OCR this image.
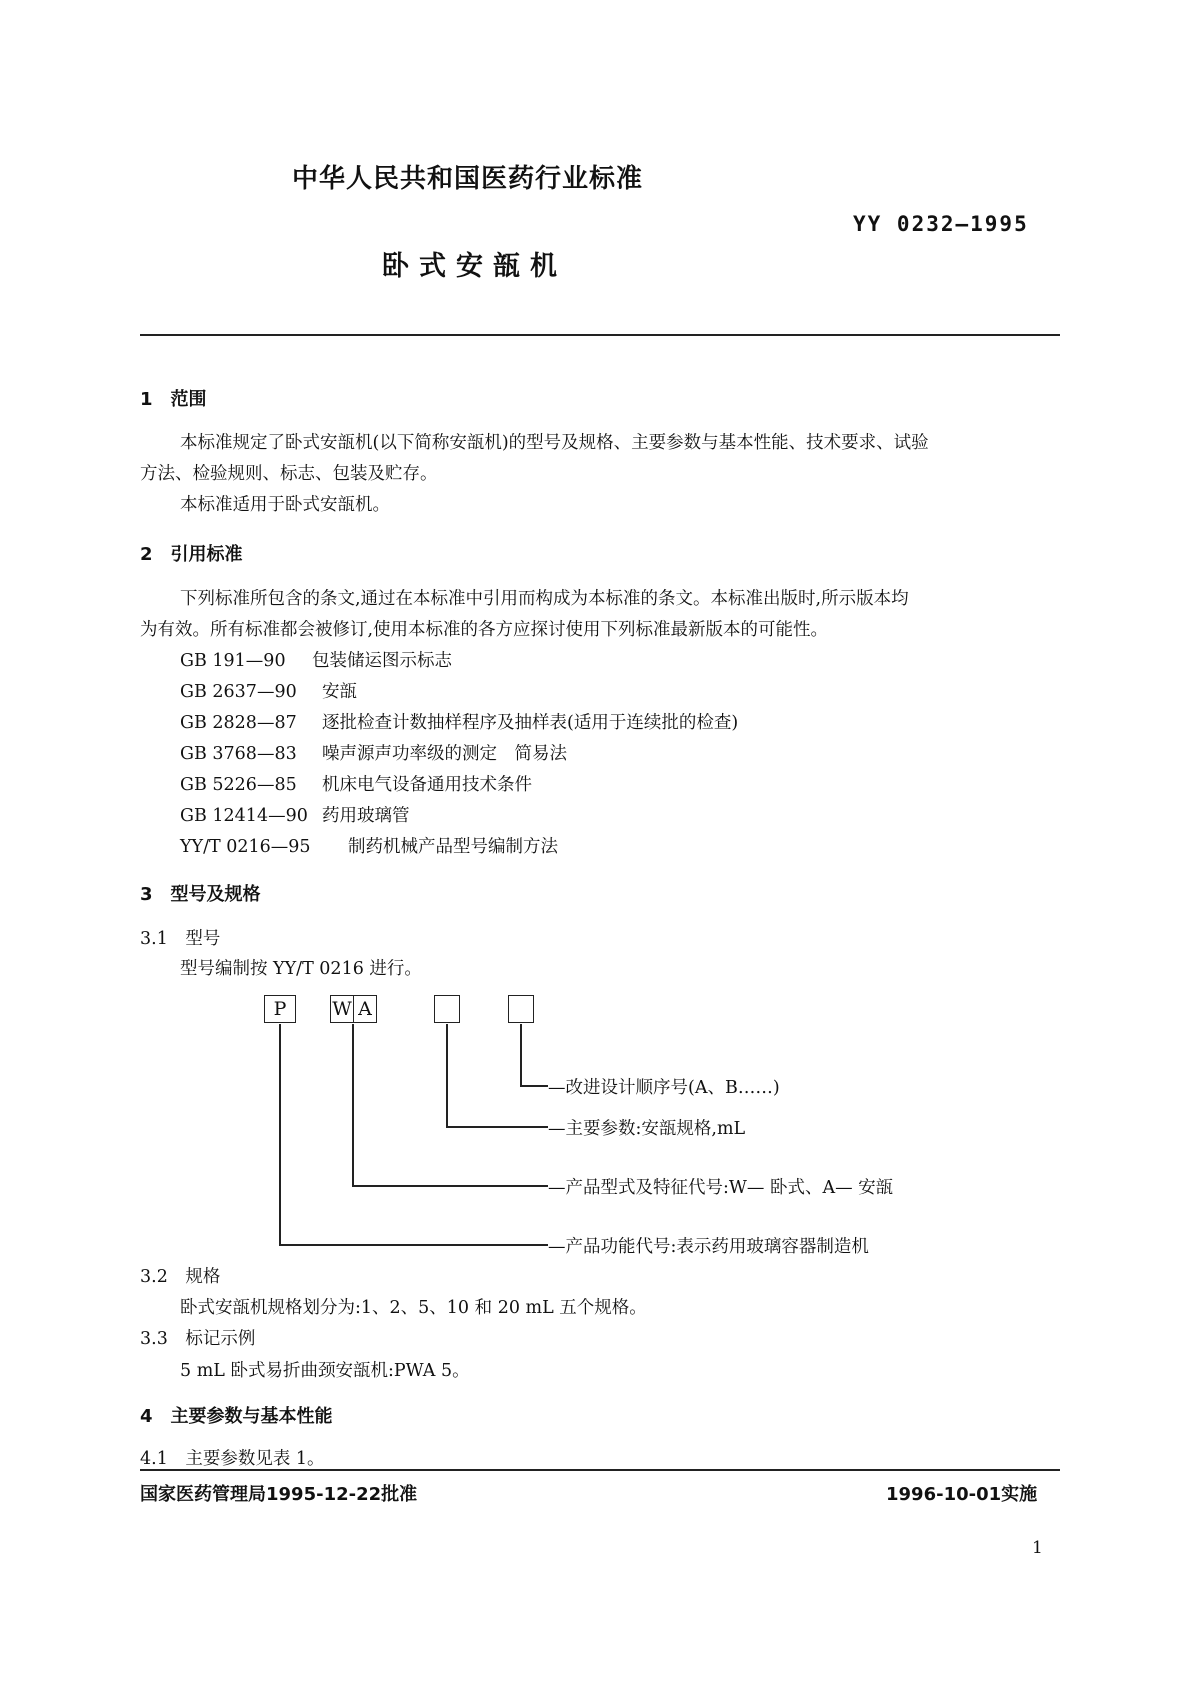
中华人民共和国医药行业标准
YY 0232—1995
卧式安瓿机
1　范围
本标准规定了卧式安瓿机(以下简称安瓿机)的型号及规格、主要参数与基本性能、技术要求、试验
方法、检验规则、标志、包装及贮存。
本标准适用于卧式安瓿机。
2　引用标准
下列标准所包含的条文,通过在本标准中引用而构成为本标准的条文。本标准出版时,所示版本均
为有效。所有标准都会被修订,使用本标准的各方应探讨使用下列标准最新版本的可能性。
GB 191—90 包装储运图示标志
GB 2637—90 安瓿
GB 2828—87 逐批检查计数抽样程序及抽样表(适用于连续批的检查)
GB 3768—83 噪声源声功率级的测定　简易法
GB 5226—85 机床电气设备通用技术条件
GB 12414—90 药用玻璃管
YY/T 0216—95 制药机械产品型号编制方法
3　型号及规格
3.1　型号
型号编制按 YY/T 0216 进行。
P	W A
—改进设计顺序号(A、B……)
—主要参数:安瓿规格,mL
—产品型式及特征代号:W— 卧式、A— 安瓿
—产品功能代号:表示药用玻璃容器制造机
3.2　规格
卧式安瓿机规格划分为:1、2、5、10 和 20 mL 五个规格。
3.3　标记示例
5 mL 卧式易折曲颈安瓿机:PWA 5。
4　主要参数与基本性能
4.1　主要参数见表 1。
国家医药管理局1995-12-22批准	1996-10-01实施
1
